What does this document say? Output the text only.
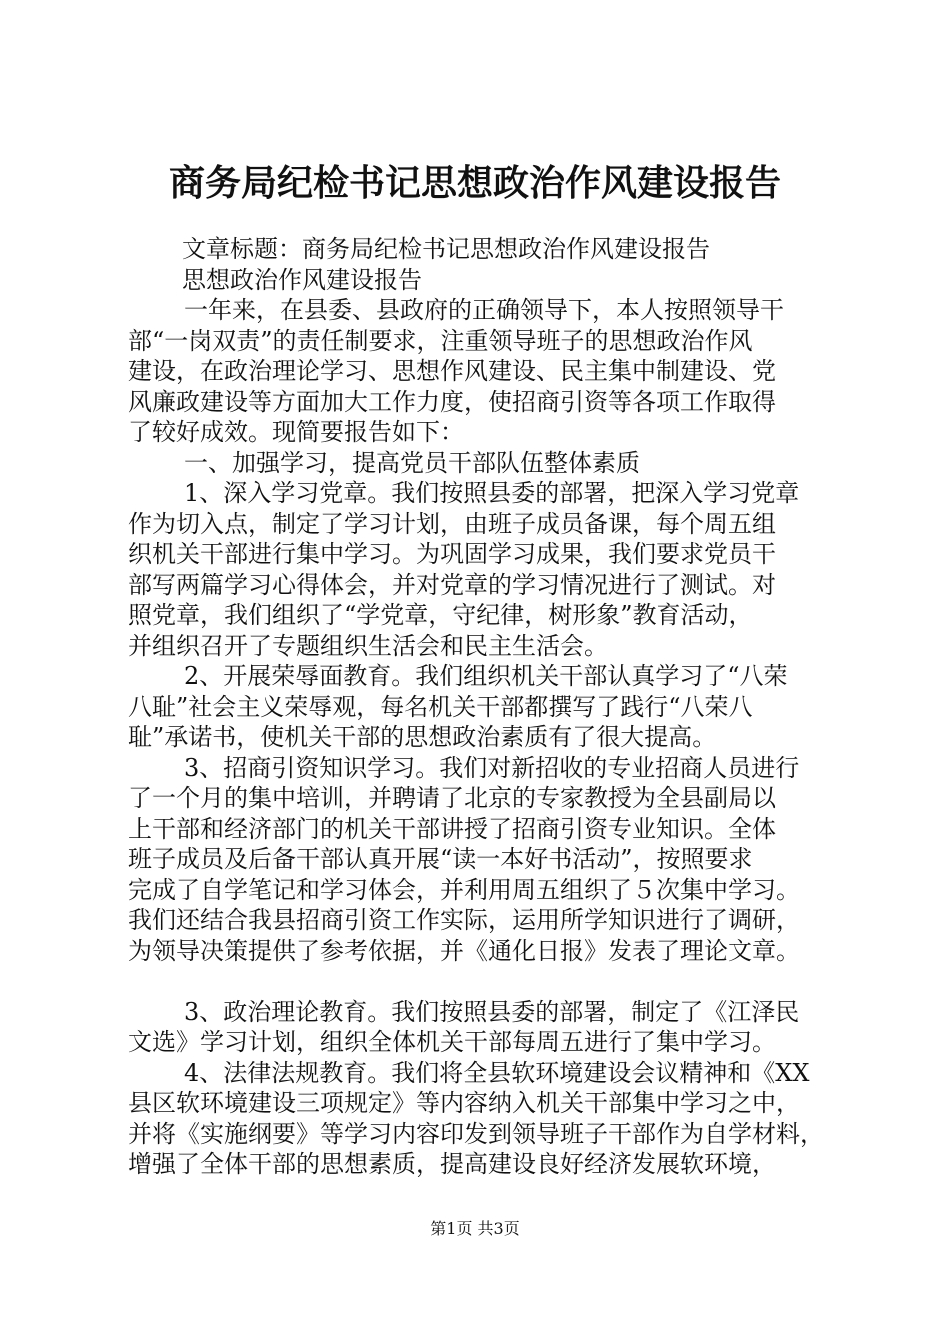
商务局纪检书记思想政治作风建设报告
文章标题：商务局纪检书记思想政治作风建设报告
思想政治作风建设报告
一年来，在县委、县政府的正确领导下，本人按照领导干
部“一岗双责”的责任制要求，注重领导班子的思想政治作风
建设，在政治理论学习、思想作风建设、民主集中制建设、党
风廉政建设等方面加大工作力度，使招商引资等各项工作取得
了较好成效。现简要报告如下：
一、加强学习，提高党员干部队伍整体素质
1、深入学习党章。我们按照县委的部署，把深入学习党章
作为切入点，制定了学习计划，由班子成员备课，每个周五组
织机关干部进行集中学习。为巩固学习成果，我们要求党员干
部写两篇学习心得体会，并对党章的学习情况进行了测试。对
照党章，我们组织了“学党章，守纪律，树形象”教育活动，
并组织召开了专题组织生活会和民主生活会。
2、开展荣辱面教育。我们组织机关干部认真学习了“八荣
八耻”社会主义荣辱观，每名机关干部都撰写了践行“八荣八
耻”承诺书，使机关干部的思想政治素质有了很大提高。
3、招商引资知识学习。我们对新招收的专业招商人员进行
了一个月的集中培训，并聘请了北京的专家教授为全县副局以
上干部和经济部门的机关干部讲授了招商引资专业知识。全体
班子成员及后备干部认真开展“读一本好书活动”，按照要求
完成了自学笔记和学习体会，并利用周五组织了５次集中学习。
我们还结合我县招商引资工作实际，运用所学知识进行了调研，
为领导决策提供了参考依据，并《通化日报》发表了理论文章。
3、政治理论教育。我们按照县委的部署，制定了《江泽民
文选》学习计划，组织全体机关干部每周五进行了集中学习。
4、法律法规教育。我们将全县软环境建设会议精神和《XX
县区软环境建设三项规定》等内容纳入机关干部集中学习之中，
并将《实施纲要》等学习内容印发到领导班子干部作为自学材料，
增强了全体干部的思想素质，提高建设良好经济发展软环境，
第1页 共3页
